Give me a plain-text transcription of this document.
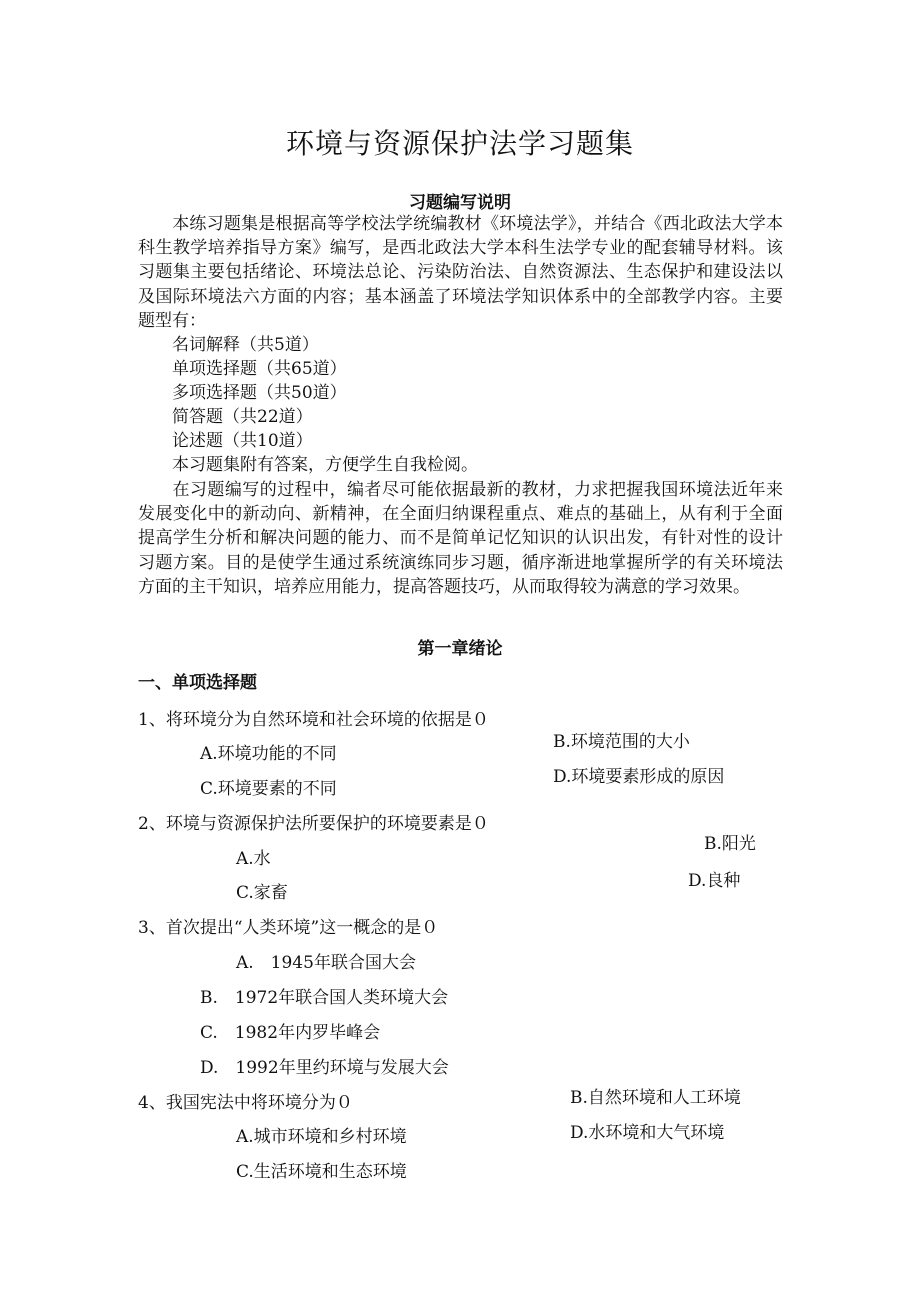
环境与资源保护法学习题集
习题编写说明
本练习题集是根据高等学校法学统编教材《环境法学》，并结合《西北政法大学本科生教学培养指导方案》编写，是西北政法大学本科生法学专业的配套辅导材料。该习题集主要包括绪论、环境法总论、污染防治法、自然资源法、生态保护和建设法以及国际环境法六方面的内容；基本涵盖了环境法学知识体系中的全部教学内容。主要题型有：
名词解释（共5道）
单项选择题（共65道）
多项选择题（共50道）
简答题（共22道）
论述题（共10道）
本习题集附有答案，方便学生自我检阅。
在习题编写的过程中，编者尽可能依据最新的教材，力求把握我国环境法近年来发展变化中的新动向、新精神，在全面归纳课程重点、难点的基础上，从有利于全面提高学生分析和解决问题的能力、而不是简单记忆知识的认识出发，有针对性的设计习题方案。目的是使学生通过系统演练同步习题，循序渐进地掌握所学的有关环境法方面的主干知识，培养应用能力，提高答题技巧，从而取得较为满意的学习效果。
第一章绪论
一、单项选择题
1、将环境分为自然环境和社会环境的依据是０
A.环境功能的不同
B.环境范围的大小
C.环境要素的不同
D.环境要素形成的原因
2、环境与资源保护法所要保护的环境要素是０
A.水
B.阳光
C.家畜
D.良种
3、首次提出“人类环境”这一概念的是０
A.　1945年联合国大会
B.　1972年联合国人类环境大会
C.　1982年内罗毕峰会
D.　1992年里约环境与发展大会
4、我国宪法中将环境分为０
A.城市环境和乡村环境
B.自然环境和人工环境
C.生活环境和生态环境
D.水环境和大气环境
